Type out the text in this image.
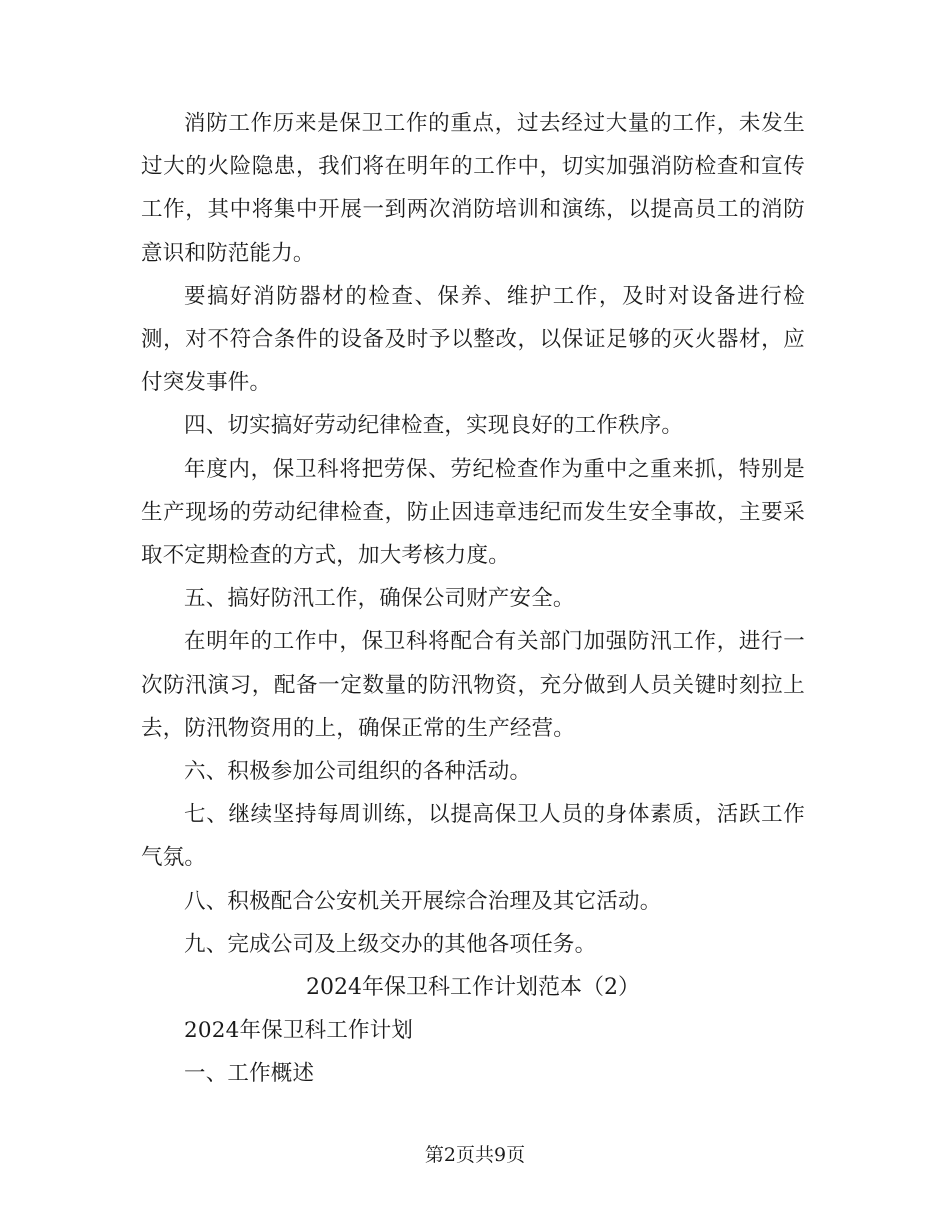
消防工作历来是保卫工作的重点，过去经过大量的工作，未发生过大的火险隐患，我们将在明年的工作中，切实加强消防检查和宣传工作，其中将集中开展一到两次消防培训和演练，以提高员工的消防意识和防范能力。

要搞好消防器材的检查、保养、维护工作，及时对设备进行检测，对不符合条件的设备及时予以整改，以保证足够的灭火器材，应付突发事件。

四、切实搞好劳动纪律检查，实现良好的工作秩序。

年度内，保卫科将把劳保、劳纪检查作为重中之重来抓，特别是生产现场的劳动纪律检查，防止因违章违纪而发生安全事故，主要采取不定期检查的方式，加大考核力度。

五、搞好防汛工作，确保公司财产安全。

在明年的工作中，保卫科将配合有关部门加强防汛工作，进行一次防汛演习，配备一定数量的防汛物资，充分做到人员关键时刻拉上去，防汛物资用的上，确保正常的生产经营。

六、积极参加公司组织的各种活动。

七、继续坚持每周训练，以提高保卫人员的身体素质，活跃工作气氛。

八、积极配合公安机关开展综合治理及其它活动。

九、完成公司及上级交办的其他各项任务。

2024年保卫科工作计划范本（2）

2024年保卫科工作计划

一、工作概述

第2页共9页
